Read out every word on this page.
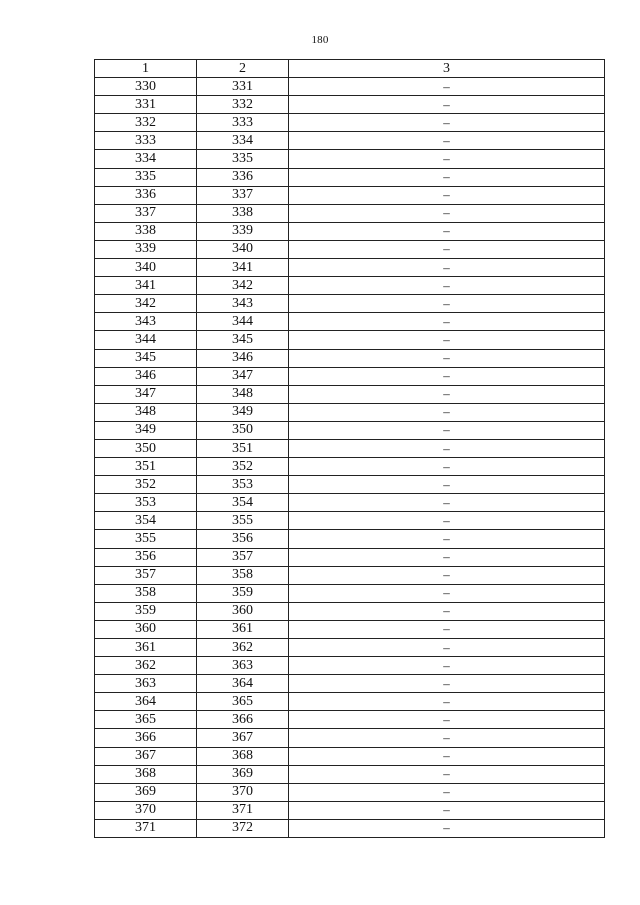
180
1	2	3
330	331	–
331	332	–
332	333	–
333	334	–
334	335	–
335	336	–
336	337	–
337	338	–
338	339	–
339	340	–
340	341	–
341	342	–
342	343	–
343	344	–
344	345	–
345	346	–
346	347	–
347	348	–
348	349	–
349	350	–
350	351	–
351	352	–
352	353	–
353	354	–
354	355	–
355	356	–
356	357	–
357	358	–
358	359	–
359	360	–
360	361	–
361	362	–
362	363	–
363	364	–
364	365	–
365	366	–
366	367	–
367	368	–
368	369	–
369	370	–
370	371	–
371	372	–
